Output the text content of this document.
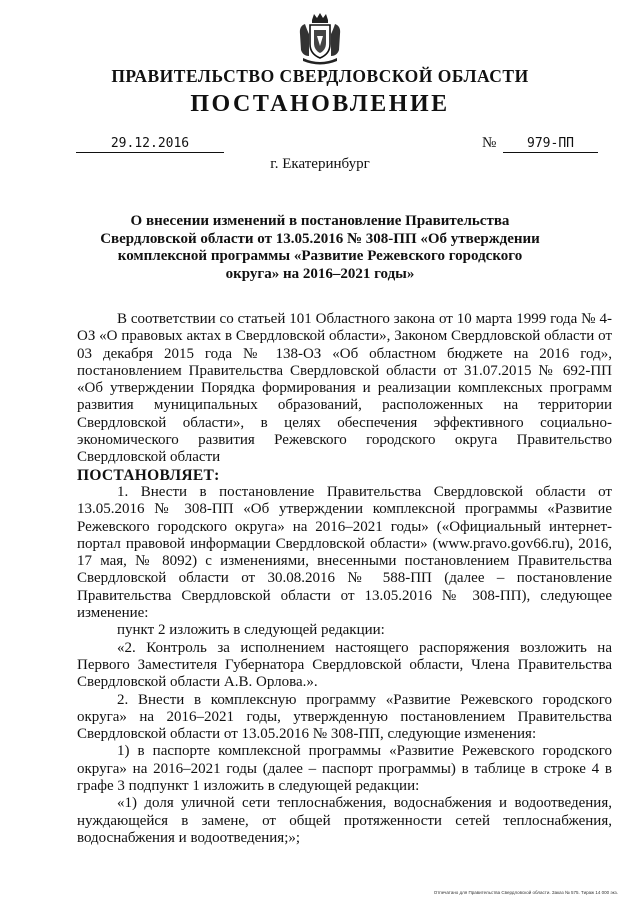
ПРАВИТЕЛЬСТВО СВЕРДЛОВСКОЙ ОБЛАСТИ
ПОСТАНОВЛЕНИЕ
29.12.2016	№	979-ПП
г. Екатеринбург
О внесении изменений в постановление Правительства Свердловской области от 13.05.2016 № 308-ПП «Об утверждении комплексной программы «Развитие Режевского городского округа» на 2016–2021 годы»

В соответствии со статьей 101 Областного закона от 10 марта 1999 года № 4-ОЗ «О правовых актах в Свердловской области», Законом Свердловской области от 03 декабря 2015 года № 138-ОЗ «Об областном бюджете на 2016 год», постановлением Правительства Свердловской области от 31.07.2015 № 692-ПП «Об утверждении Порядка формирования и реализации комплексных программ развития муниципальных образований, расположенных на территории Свердловской области», в целях обеспечения эффективного социально-экономического развития Режевского городского округа Правительство Свердловской области

ПОСТАНОВЛЯЕТ:

1. Внести в постановление Правительства Свердловской области от 13.05.2016 № 308-ПП «Об утверждении комплексной программы «Развитие Режевского городского округа» на 2016–2021 годы» («Официальный интернет-портал правовой информации Свердловской области» (www.pravo.gov66.ru), 2016, 17 мая, № 8092) с изменениями, внесенными постановлением Правительства Свердловской области от 30.08.2016 № 588-ПП (далее – постановление Правительства Свердловской области от 13.05.2016 № 308-ПП), следующее изменение:

пункт 2 изложить в следующей редакции:

«2. Контроль за исполнением настоящего распоряжения возложить на Первого Заместителя Губернатора Свердловской области, Члена Правительства Свердловской области А.В. Орлова.».

2. Внести в комплексную программу «Развитие Режевского городского округа» на 2016–2021 годы, утвержденную постановлением Правительства Свердловской области от 13.05.2016 № 308-ПП, следующие изменения:

1) в паспорте комплексной программы «Развитие Режевского городского округа» на 2016–2021 годы (далее – паспорт программы) в таблице в строке 4 в графе 3 подпункт 1 изложить в следующей редакции:

«1) доля уличной сети теплоснабжения, водоснабжения и водоотведения, нуждающейся в замене, от общей протяженности сетей теплоснабжения, водоснабжения и водоотведения;»;

Отпечатано для Правительства Свердловской области. Заказ № 575. Тираж 14 000 экз.
